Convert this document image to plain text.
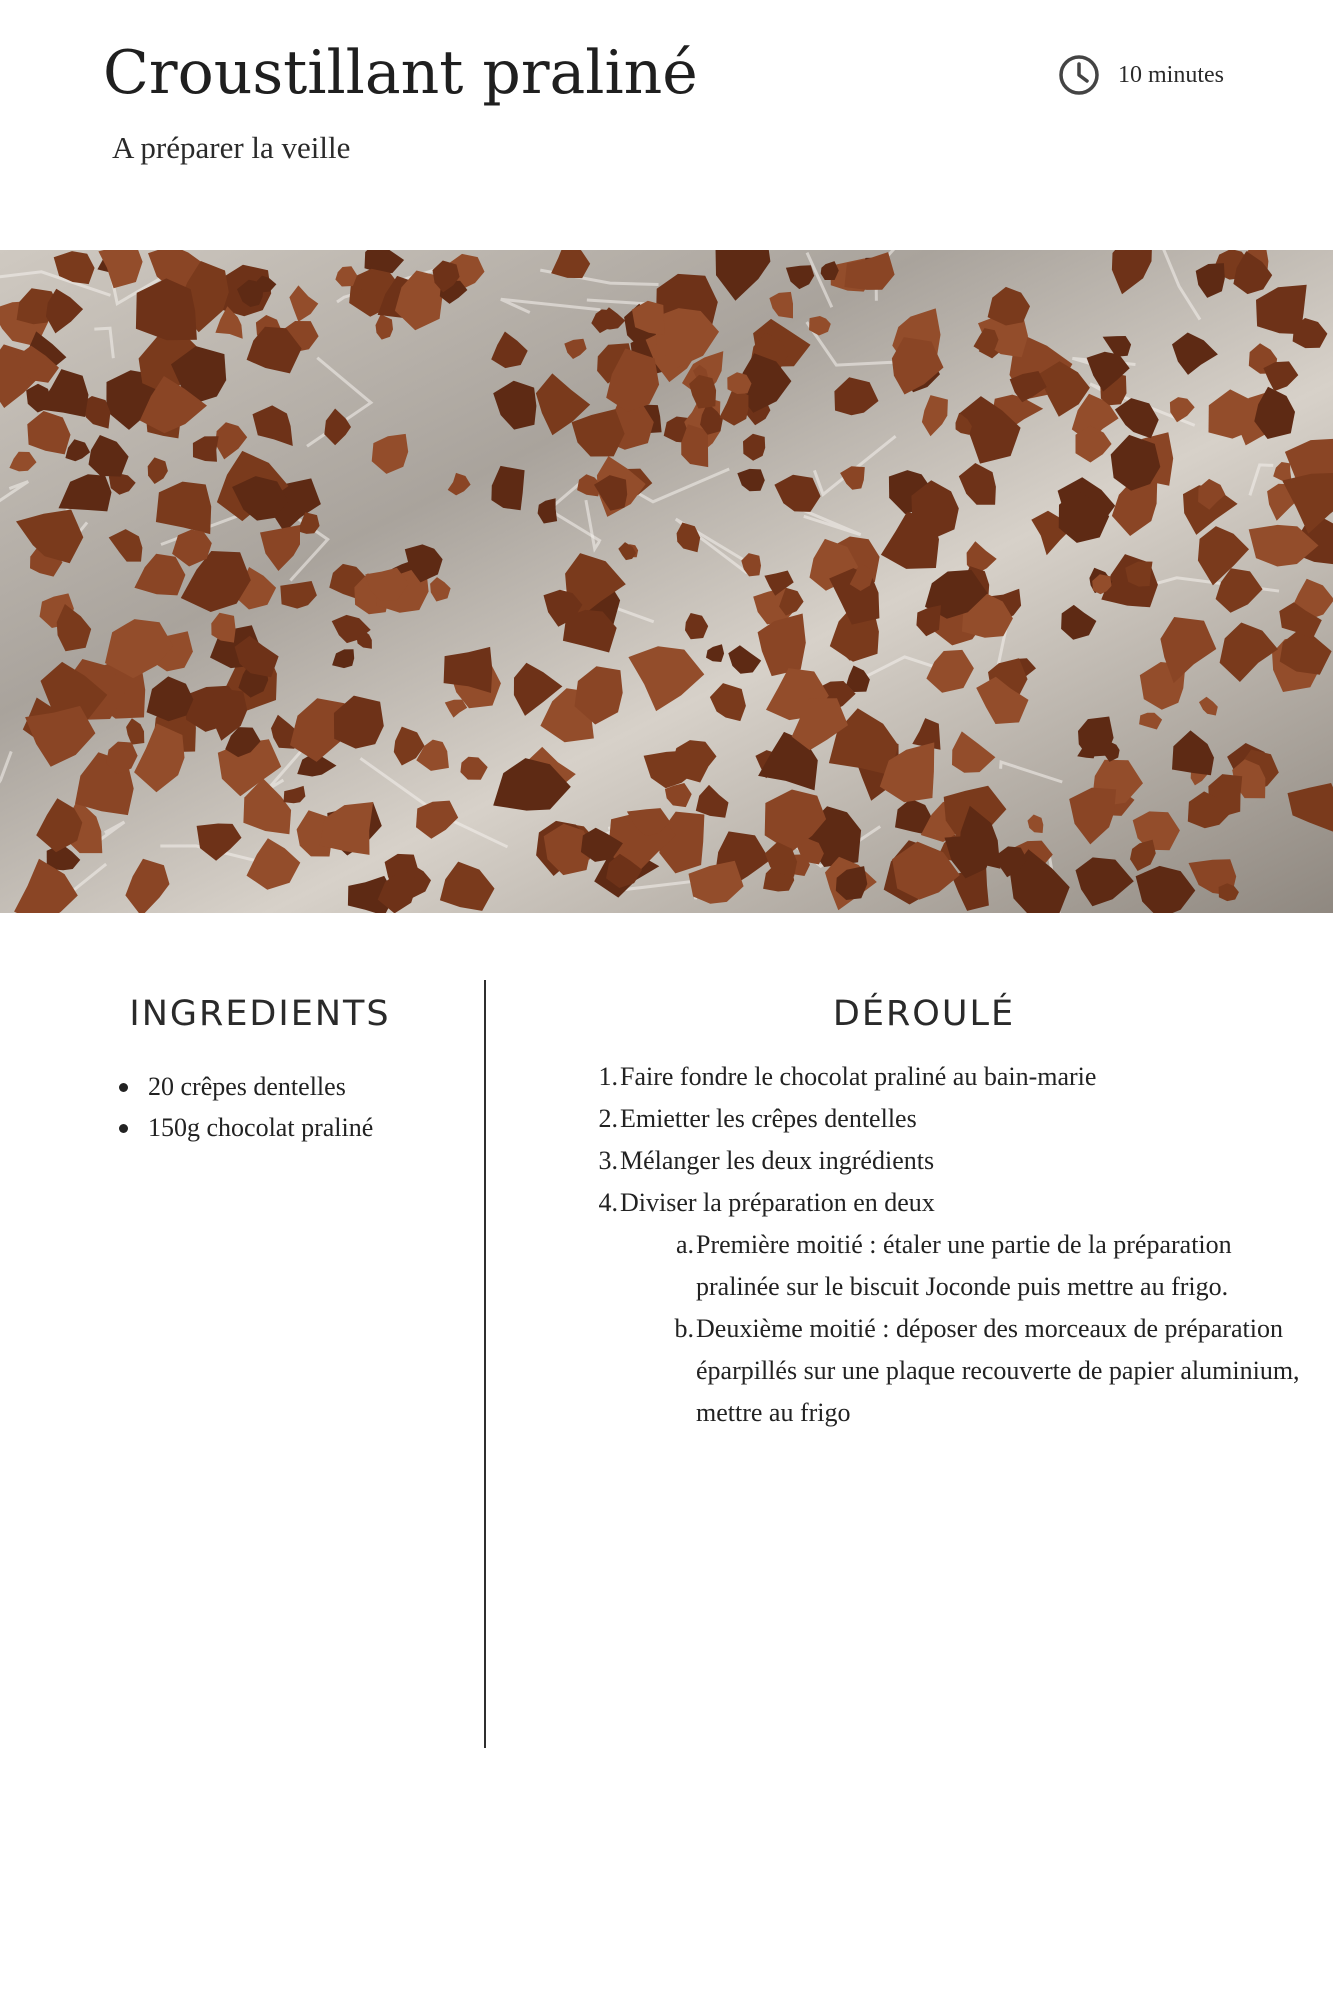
Croustillant praliné
A préparer la veille
10 minutes
INGREDIENTS
20 crêpes dentelles
150g chocolat praliné
DÉROULÉ
1. Faire fondre le chocolat praliné au bain-marie
2. Emietter les crêpes dentelles
3. Mélanger les deux ingrédients
4. Diviser la préparation en deux
a. Première moitié : étaler une partie de la préparation pralinée sur le biscuit Joconde puis mettre au frigo.
b. Deuxième moitié : déposer des morceaux de préparation éparpillés sur une plaque recouverte de papier aluminium, mettre au frigo
